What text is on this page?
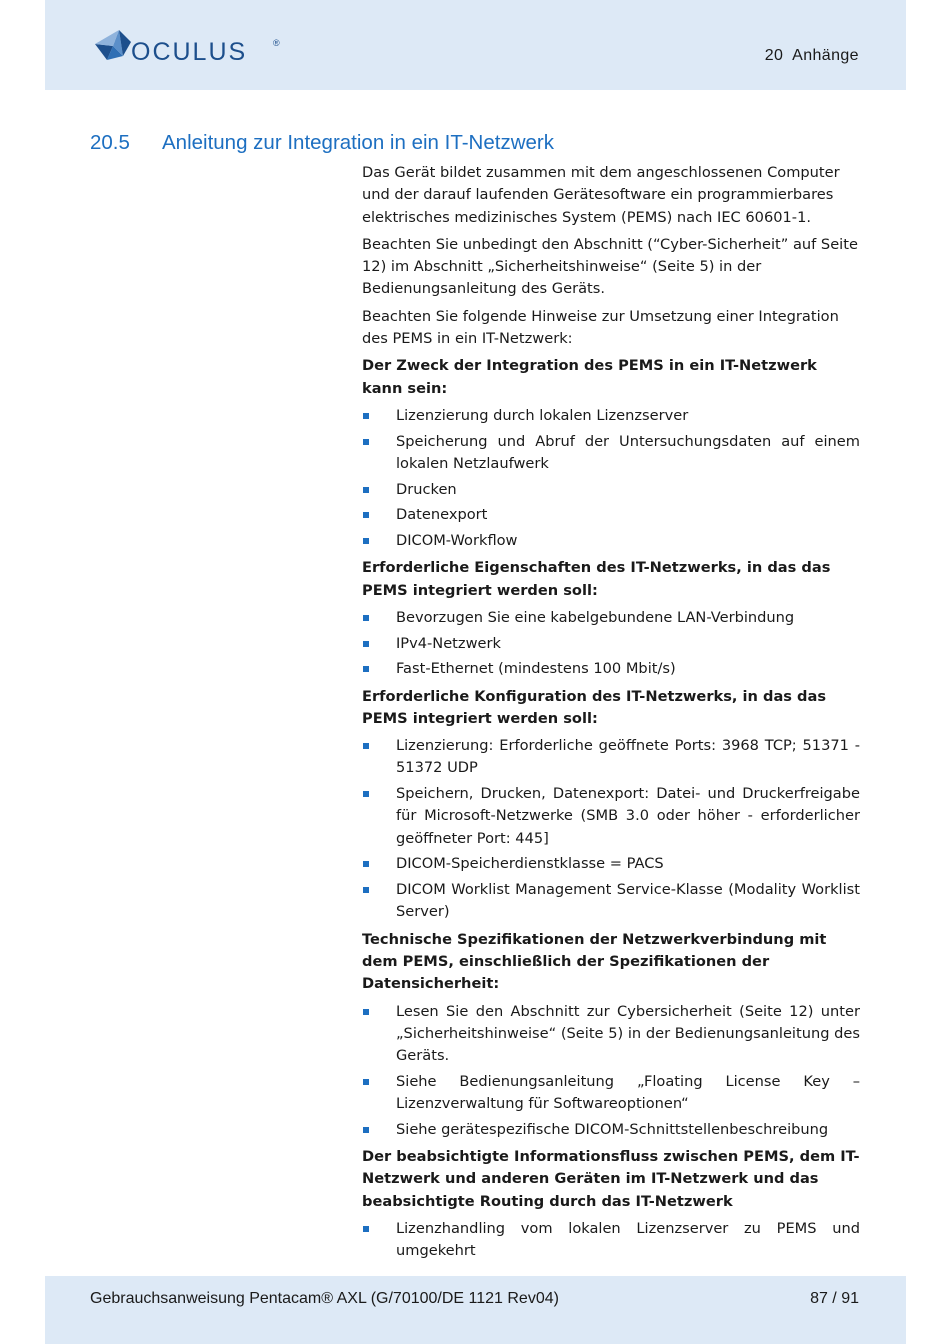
OCULUS	®
20  Anhänge
20.5 Anleitung zur Integration in ein IT-Netzwerk

Das Gerät bildet zusammen mit dem angeschlossenen Computer und der darauf laufenden Gerätesoftware ein programmierbares elektrisches medizinisches System (PEMS) nach IEC 60601-1.

Beachten Sie unbedingt den Abschnitt (“Cyber-Sicherheit” auf Seite 12) im Abschnitt „Sicherheitshinweise“ (Seite 5) in der Bedienungsanleitung des Geräts.

Beachten Sie folgende Hinweise zur Umsetzung einer Integration des PEMS in ein IT-Netzwerk:

Der Zweck der Integration des PEMS in ein IT-Netzwerk kann sein:

Lizenzierung durch lokalen Lizenzserver
Speicherung und Abruf der Untersuchungsdaten auf einem lokalen Netzlaufwerk
Drucken
Datenexport
DICOM-Workflow

Erforderliche Eigenschaften des IT-Netzwerks, in das das PEMS integriert werden soll:

Bevorzugen Sie eine kabelgebundene LAN-Verbindung
IPv4-Netzwerk
Fast-Ethernet (mindestens 100 Mbit/s)

Erforderliche Konfiguration des IT-Netzwerks, in das das PEMS integriert werden soll:

Lizenzierung: Erforderliche geöffnete Ports: 3968 TCP; 51371 - 51372 UDP
Speichern, Drucken, Datenexport: Datei- und Druckerfreigabe für Microsoft-Netzwerke (SMB 3.0 oder höher - erforderlicher geöffneter Port: 445]
DICOM-Speicherdienstklasse = PACS
DICOM Worklist Management Service-Klasse (Modality Worklist Server)

Technische Spezifikationen der Netzwerkverbindung mit dem PEMS, einschließlich der Spezifikationen der Datensicherheit:

Lesen Sie den Abschnitt zur Cybersicherheit (Seite 12) unter „Sicherheitshinweise“ (Seite 5) in der Bedienungsanleitung des Geräts.
Siehe Bedienungsanleitung „Floating License Key – Lizenzverwaltung für Softwareoptionen“
Siehe gerätespezifische DICOM-Schnittstellenbeschreibung

Der beabsichtigte Informationsfluss zwischen PEMS, dem IT-Netzwerk und anderen Geräten im IT-Netzwerk und das beabsichtigte Routing durch das IT-Netzwerk

Lizenzhandling vom lokalen Lizenzserver zu PEMS und umgekehrt
Gebrauchsanweisung Pentacam® AXL (G/70100/DE 1121 Rev04)	87 / 91
